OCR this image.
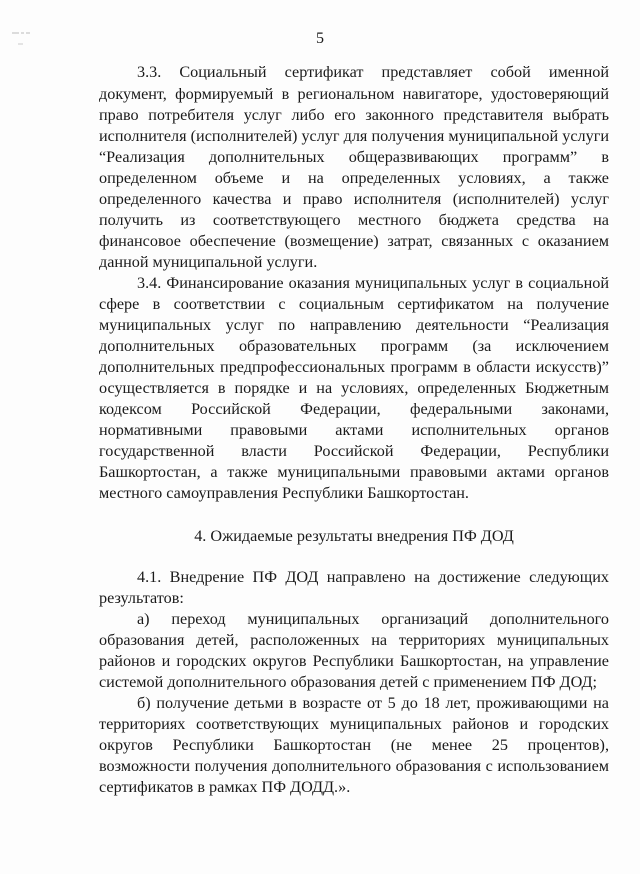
5
3.3. Социальный сертификат представляет собой именной
документ, формируемый в региональном навигаторе, удостоверяющий
право потребителя услуг либо его законного представителя выбрать
исполнителя (исполнителей) услуг для получения муниципальной услуги
“Реализация дополнительных общеразвивающих программ” в
определенном объеме и на определенных условиях, а также
определенного качества и право исполнителя (исполнителей) услуг
получить из соответствующего местного бюджета средства на
финансовое обеспечение (возмещение) затрат, связанных с оказанием
данной муниципальной услуги.
3.4. Финансирование оказания муниципальных услуг в социальной
сфере в соответствии с социальным сертификатом на получение
муниципальных услуг по направлению деятельности “Реализация
дополнительных образовательных программ (за исключением
дополнительных предпрофессиональных программ в области искусств)”
осуществляется в порядке и на условиях, определенных Бюджетным
кодексом Российской Федерации, федеральными законами,
нормативными правовыми актами исполнительных органов
государственной власти Российской Федерации, Республики
Башкортостан, а также муниципальными правовыми актами органов
местного самоуправления Республики Башкортостан.
4. Ожидаемые результаты внедрения ПФ ДОД
4.1. Внедрение ПФ ДОД направлено на достижение следующих
результатов:
а) переход муниципальных организаций дополнительного
образования детей, расположенных на территориях муниципальных
районов и городских округов Республики Башкортостан, на управление
системой дополнительного образования детей с применением ПФ ДОД;
б) получение детьми в возрасте от 5 до 18 лет, проживающими на
территориях соответствующих муниципальных районов и городских
округов Республики Башкортостан (не менее 25 процентов),
возможности получения дополнительного образования с использованием
сертификатов в рамках ПФ ДОДД.».
